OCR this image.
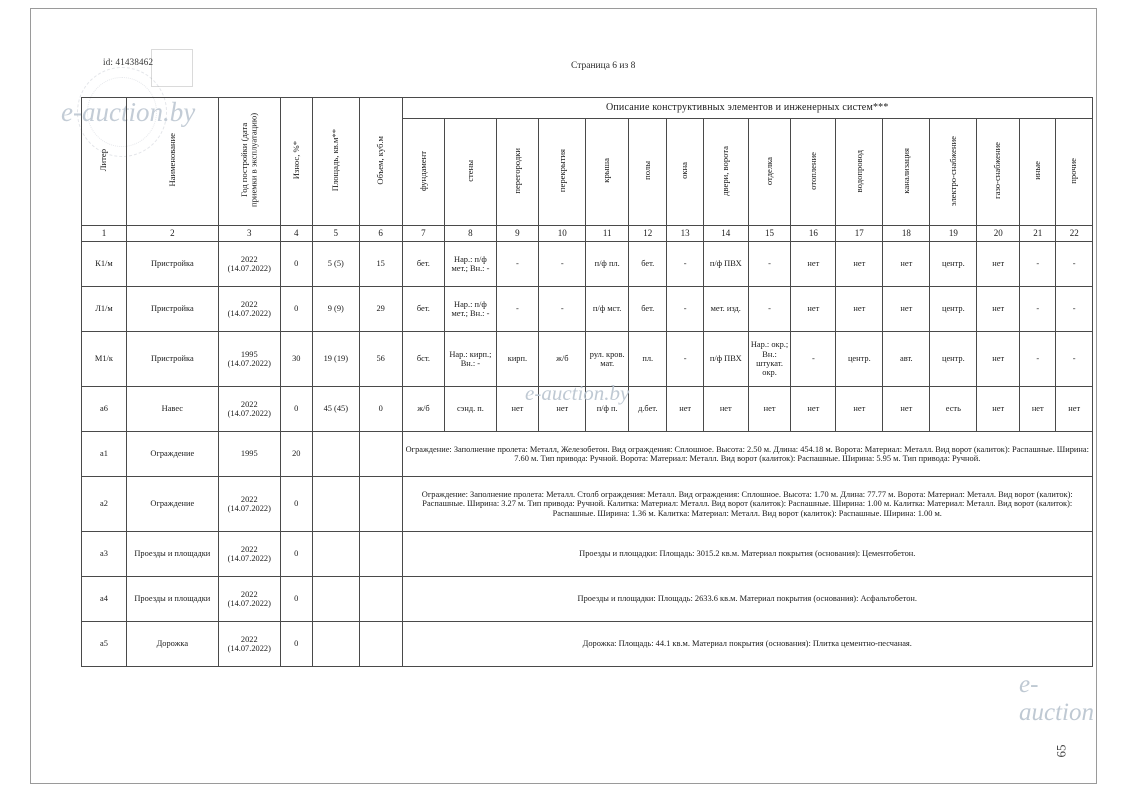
id: 41438462	Страница 6 из 8
e-auction.by
e-auction.by
e-auction
Литер	Наименование	Год постройки (дата приемки в эксплуатацию)	Износ, %*	Площадь, кв.м**	Объем, куб.м	Описание конструктивных элементов и инженерных систем***															
						фундамент	стены	перегородки	перекрытия	крыша	полы	окна	двери, ворота	отделка	отопление	водопровод	канализация	электро-снабжение	газо-снабжение	иные	прочие
1	2	3	4	5	6	7	8	9	10	11	12	13	14	15	16	17	18	19	20	21	22
К1/м	Пристройка	2022 (14.07.2022)	0	5 (5)	15	бет.	Нар.: п/ф мет.; Вн.: -	-	-	п/ф пл.	бет.	-	п/ф ПВХ	-	нет	нет	нет	центр.	нет	-	-
Л1/м	Пристройка	2022 (14.07.2022)	0	9 (9)	29	бет.	Нар.: п/ф мет.; Вн.: -	-	-	п/ф мст.	бет.	-	мет. изд.	-	нет	нет	нет	центр.	нет	-	-
М1/к	Пристройка	1995 (14.07.2022)	30	19 (19)	56	бст.	Нар.: кирп.; Вн.: -	кирп.	ж/б	рул. кров. мат.	пл.	-	п/ф ПВХ	Нар.: окр.; Вн.: штукат. окр.	-	центр.	авт.	центр.	нет	-	-
а6	Навес	2022 (14.07.2022)	0	45 (45)	0	ж/б	сэнд. п.	нет	нет	п/ф п.	д.бет.	нет	нет	нет	нет	нет	нет	есть	нет	нет	нет
а1	Ограждение	1995	20			Ограждение: Заполнение пролета: Металл, Железобетон. Вид ограждения: Сплошное. Высота: 2.50 м. Длина: 454.18 м. Ворота: Материал: Металл. Вид ворот (калиток): Распашные. Ширина: 7.60 м. Тип привода: Ручной. Ворота: Материал: Металл. Вид ворот (калиток): Распашные. Ширина: 5.95 м. Тип привода: Ручной.															
а2	Ограждение	2022 (14.07.2022)	0			Ограждение: Заполнение пролета: Металл. Столб ограждения: Металл. Вид ограждения: Сплошное. Высота: 1.70 м. Длина: 77.77 м. Ворота: Материал: Металл. Вид ворот (калиток): Распашные. Ширина: 3.27 м. Тип привода: Ручной. Калитка: Материал: Металл. Вид ворот (калиток): Распашные. Ширина: 1.00 м. Калитка: Материал: Металл. Вид ворот (калиток): Распашные. Ширина: 1.36 м. Калитка: Материал: Металл. Вид ворот (калиток): Распашные. Ширина: 1.00 м.															
а3	Проезды и площадки	2022 (14.07.2022)	0			Проезды и площадки: Площадь: 3015.2 кв.м. Материал покрытия (основания): Цементобетон.															
а4	Проезды и площадки	2022 (14.07.2022)	0			Проезды и площадки: Площадь: 2633.6 кв.м. Материал покрытия (основания): Асфальтобетон.															
а5	Дорожка	2022 (14.07.2022)	0			Дорожка: Площадь: 44.1 кв.м. Материал покрытия (основания): Плитка цементно-песчаная.															
65
